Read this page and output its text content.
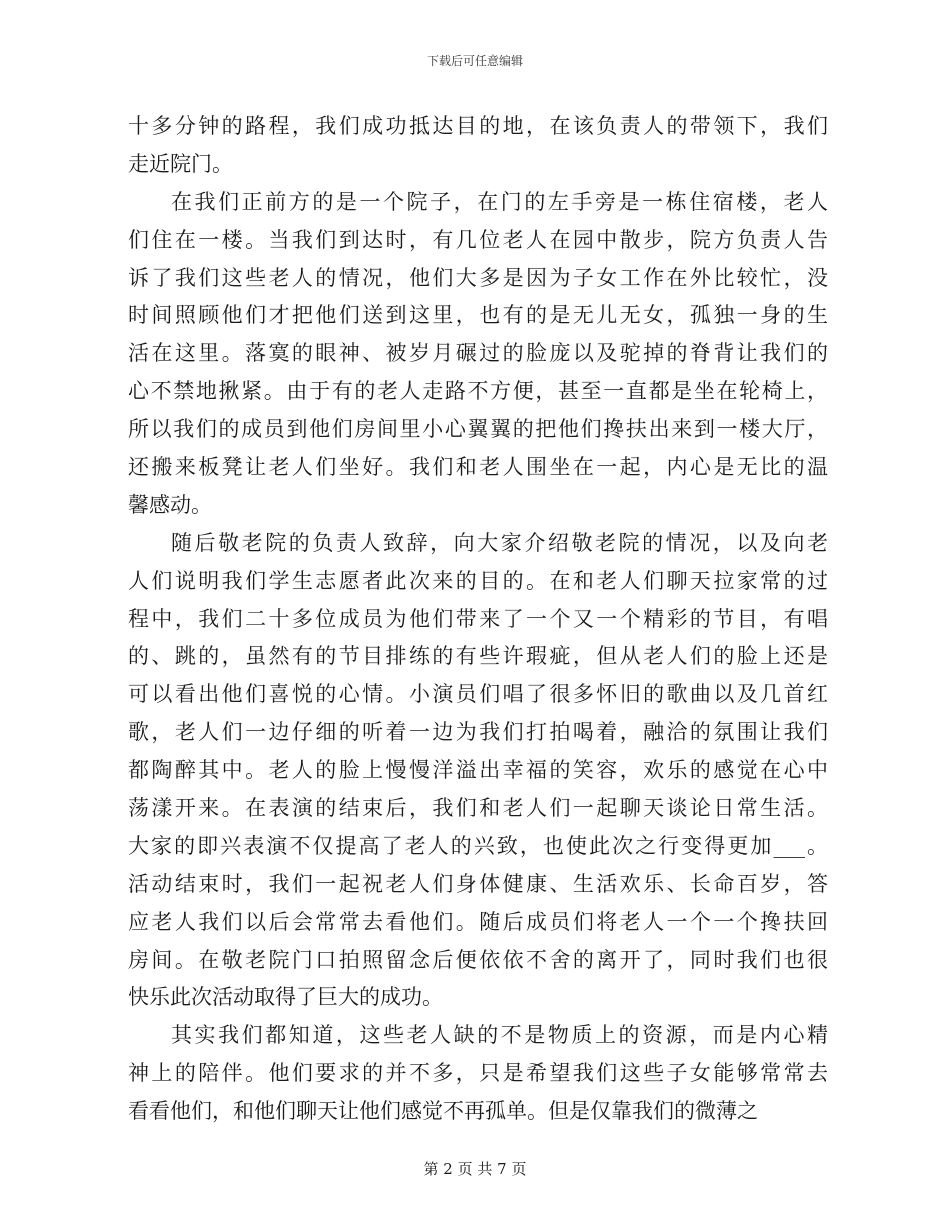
下载后可任意编辑
十多分钟的路程，我们成功抵达目的地，在该负责人的带领下，我们
走近院门。
在我们正前方的是一个院子，在门的左手旁是一栋住宿楼，老人
们住在一楼。当我们到达时，有几位老人在园中散步，院方负责人告
诉了我们这些老人的情况，他们大多是因为子女工作在外比较忙，没
时间照顾他们才把他们送到这里，也有的是无儿无女，孤独一身的生
活在这里。落寞的眼神、被岁月碾过的脸庞以及驼掉的脊背让我们的
心不禁地揪紧。由于有的老人走路不方便，甚至一直都是坐在轮椅上，
所以我们的成员到他们房间里小心翼翼的把他们搀扶出来到一楼大厅，
还搬来板凳让老人们坐好。我们和老人围坐在一起，内心是无比的温
馨感动。
随后敬老院的负责人致辞，向大家介绍敬老院的情况，以及向老
人们说明我们学生志愿者此次来的目的。在和老人们聊天拉家常的过
程中，我们二十多位成员为他们带来了一个又一个精彩的节目，有唱
的、跳的，虽然有的节目排练的有些许瑕疵，但从老人们的脸上还是
可以看出他们喜悦的心情。小演员们唱了很多怀旧的歌曲以及几首红
歌，老人们一边仔细的听着一边为我们打拍喝着，融洽的氛围让我们
都陶醉其中。老人的脸上慢慢洋溢出幸福的笑容，欢乐的感觉在心中
荡漾开来。在表演的结束后，我们和老人们一起聊天谈论日常生活。
大家的即兴表演不仅提高了老人的兴致，也使此次之行变得更加___。
活动结束时，我们一起祝老人们身体健康、生活欢乐、长命百岁，答
应老人我们以后会常常去看他们。随后成员们将老人一个一个搀扶回
房间。在敬老院门口拍照留念后便依依不舍的离开了，同时我们也很
快乐此次活动取得了巨大的成功。
其实我们都知道，这些老人缺的不是物质上的资源，而是内心精
神上的陪伴。他们要求的并不多，只是希望我们这些子女能够常常去
看看他们，和他们聊天让他们感觉不再孤单。但是仅靠我们的微薄之
第 2 页 共 7 页
